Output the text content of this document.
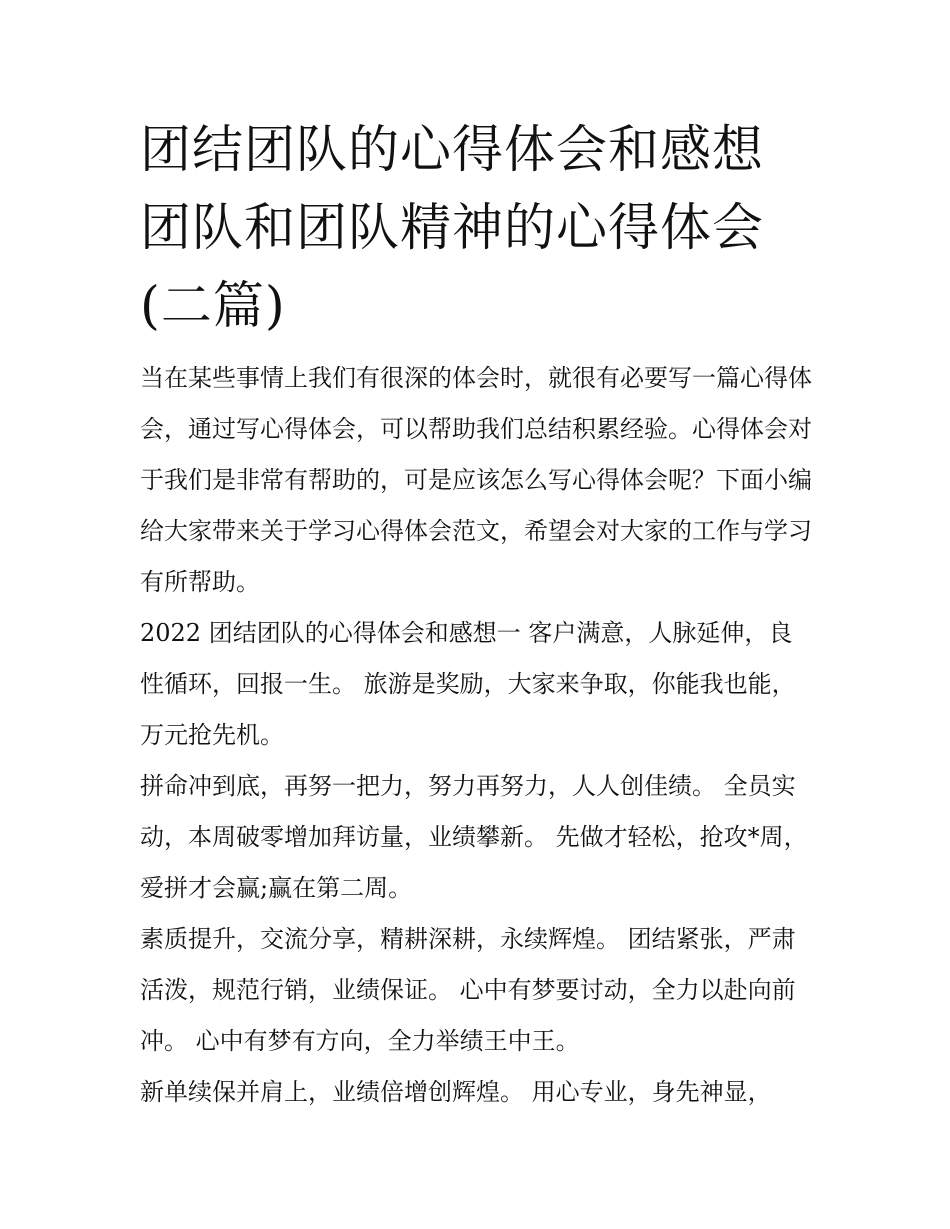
团结团队的心得体会和感想 团队和团队精神的心得体会(二篇)

当在某些事情上我们有很深的体会时，就很有必要写一篇心得体会，通过写心得体会，可以帮助我们总结积累经验。心得体会对于我们是非常有帮助的，可是应该怎么写心得体会呢？下面小编给大家带来关于学习心得体会范文，希望会对大家的工作与学习有所帮助。

2022 团结团队的心得体会和感想一 客户满意，人脉延伸，良性循环，回报一生。 旅游是奖励，大家来争取，你能我也能，万元抢先机。

拼命冲到底，再努一把力，努力再努力，人人创佳绩。 全员实动，本周破零增加拜访量，业绩攀新。 先做才轻松，抢攻*周，爱拼才会赢;赢在第二周。

素质提升，交流分享，精耕深耕，永续辉煌。 团结紧张，严肃活泼，规范行销，业绩保证。 心中有梦要讨动，全力以赴向前冲。 心中有梦有方向，全力举绩王中王。

新单续保并肩上，业绩倍增创辉煌。 用心专业，身先神显，
